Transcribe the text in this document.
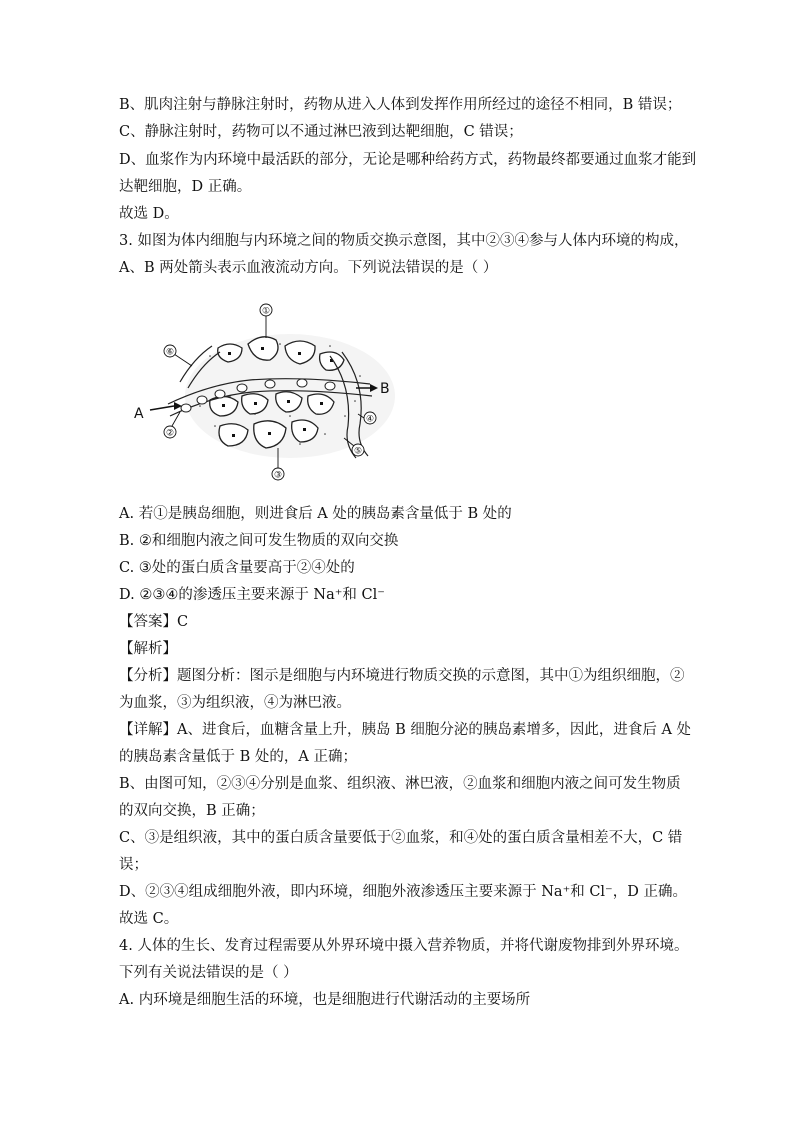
B、肌肉注射与静脉注射时，药物从进入人体到发挥作用所经过的途径不相同，B 错误；
C、静脉注射时，药物可以不通过淋巴液到达靶细胞，C 错误；
D、血浆作为内环境中最活跃的部分，无论是哪种给药方式，药物最终都要通过血浆才能到
达靶细胞，D 正确。
故选 D。
3. 如图为体内细胞与内环境之间的物质交换示意图，其中②③④参与人体内环境的构成，
A、B 两处箭头表示血液流动方向。下列说法错误的是（ ）
A
B
①
⑥
②
③
④
⑤
A. 若①是胰岛细胞，则进食后 A 处的胰岛素含量低于 B 处的
B. ②和细胞内液之间可发生物质的双向交换
C. ③处的蛋白质含量要高于②④处的
D. ②③④的渗透压主要来源于 Na⁺和 Cl⁻
【答案】C
【解析】
【分析】题图分析：图示是细胞与内环境进行物质交换的示意图，其中①为组织细胞，②
为血浆，③为组织液，④为淋巴液。
【详解】A、进食后，血糖含量上升，胰岛 B 细胞分泌的胰岛素增多，因此，进食后 A 处
的胰岛素含量低于 B 处的，A 正确；
B、由图可知，②③④分别是血浆、组织液、淋巴液，②血浆和细胞内液之间可发生物质
的双向交换，B 正确；
C、③是组织液，其中的蛋白质含量要低于②血浆，和④处的蛋白质含量相差不大，C 错
误；
D、②③④组成细胞外液，即内环境，细胞外液渗透压主要来源于 Na⁺和 Cl⁻，D 正确。
故选 C。
4. 人体的生长、发育过程需要从外界环境中摄入营养物质，并将代谢废物排到外界环境。
下列有关说法错误的是（ ）
A. 内环境是细胞生活的环境，也是细胞进行代谢活动的主要场所
